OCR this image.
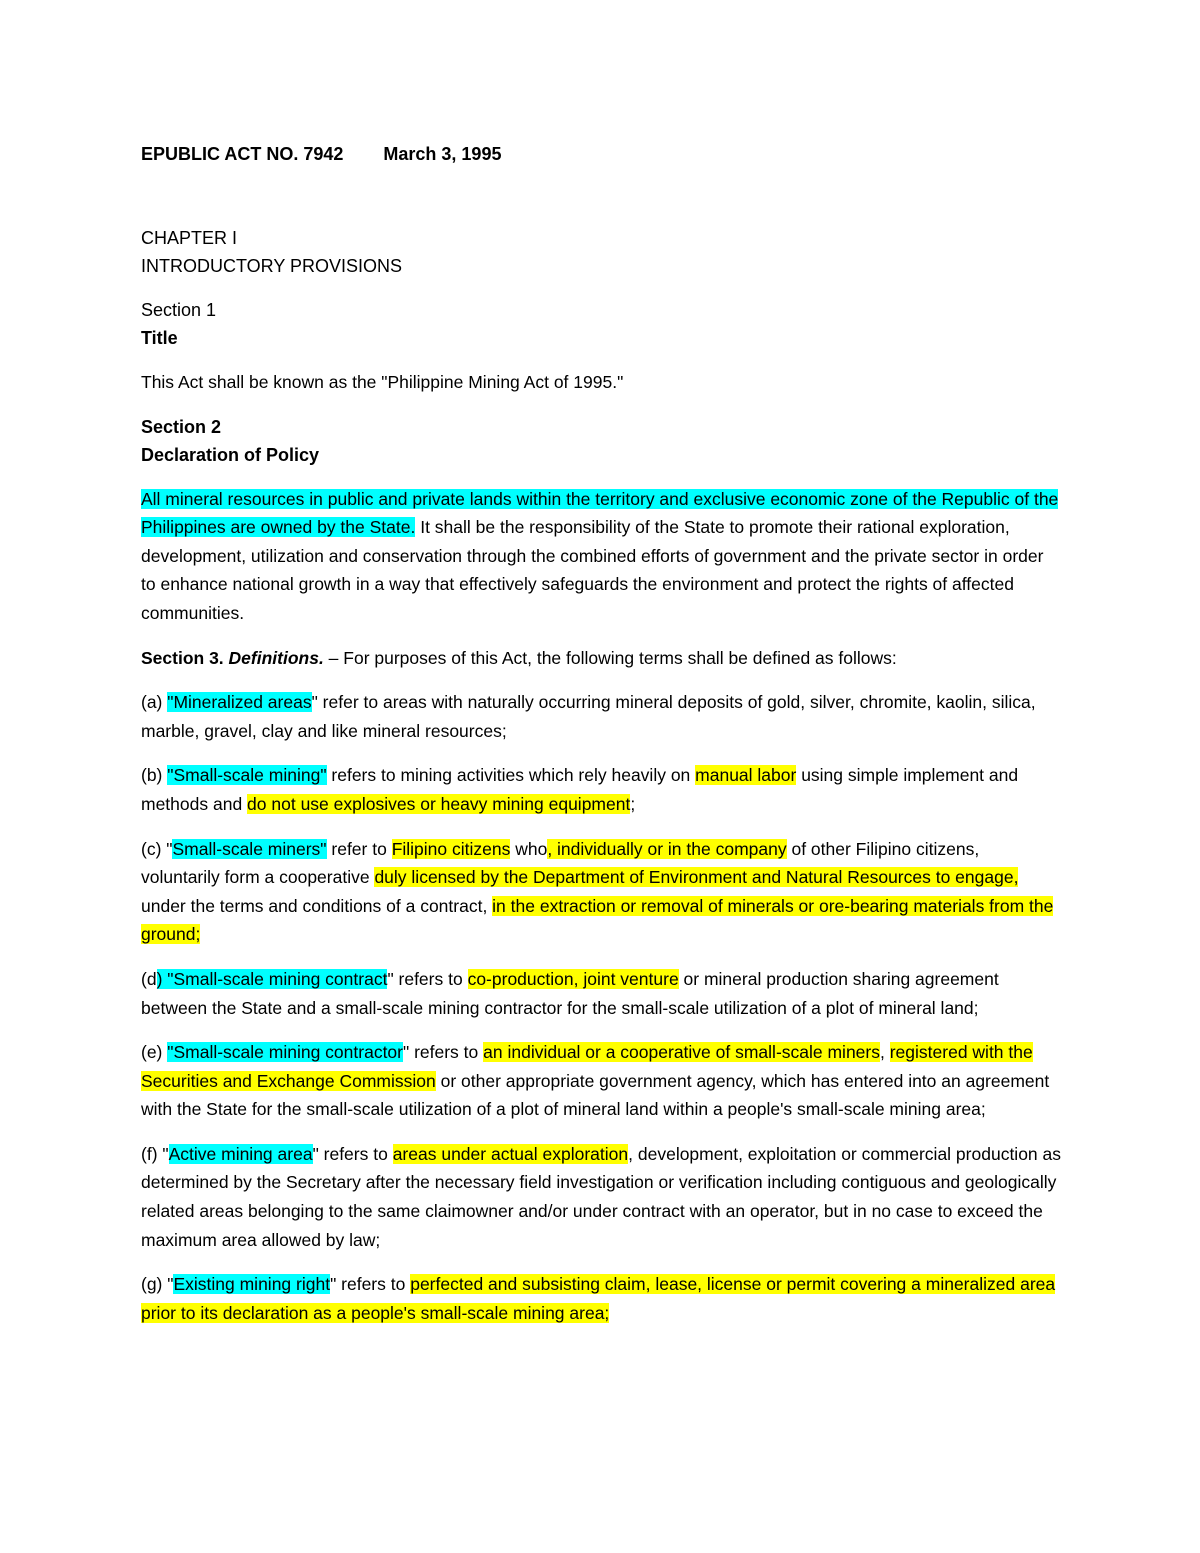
EPUBLIC ACT NO. 7942 March 3, 1995
CHAPTER I
INTRODUCTORY PROVISIONS
Section 1
Title

This Act shall be known as the "Philippine Mining Act of 1995."

Section 2
Declaration of Policy

All mineral resources in public and private lands within the territory and exclusive economic zone of the Republic of the Philippines are owned by the State. It shall be the responsibility of the State to promote their rational exploration, development, utilization and conservation through the combined efforts of government and the private sector in order to enhance national growth in a way that effectively safeguards the environment and protect the rights of affected communities.

Section 3. Definitions. – For purposes of this Act, the following terms shall be defined as follows:

(a) "Mineralized areas" refer to areas with naturally occurring mineral deposits of gold, silver, chromite, kaolin, silica, marble, gravel, clay and like mineral resources;

(b) "Small-scale mining" refers to mining activities which rely heavily on manual labor using simple implement and methods and do not use explosives or heavy mining equipment;

(c) "Small-scale miners" refer to Filipino citizens who, individually or in the company of other Filipino citizens, voluntarily form a cooperative duly licensed by the Department of Environment and Natural Resources to engage, under the terms and conditions of a contract, in the extraction or removal of minerals or ore-bearing materials from the ground;

(d) "Small-scale mining contract" refers to co-production, joint venture or mineral production sharing agreement between the State and a small-scale mining contractor for the small-scale utilization of a plot of mineral land;

(e) "Small-scale mining contractor" refers to an individual or a cooperative of small-scale miners, registered with the Securities and Exchange Commission or other appropriate government agency, which has entered into an agreement with the State for the small-scale utilization of a plot of mineral land within a people's small-scale mining area;

(f) "Active mining area" refers to areas under actual exploration, development, exploitation or commercial production as determined by the Secretary after the necessary field investigation or verification including contiguous and geologically related areas belonging to the same claimowner and/or under contract with an operator, but in no case to exceed the maximum area allowed by law;

(g) "Existing mining right" refers to perfected and subsisting claim, lease, license or permit covering a mineralized area prior to its declaration as a people's small-scale mining area;
